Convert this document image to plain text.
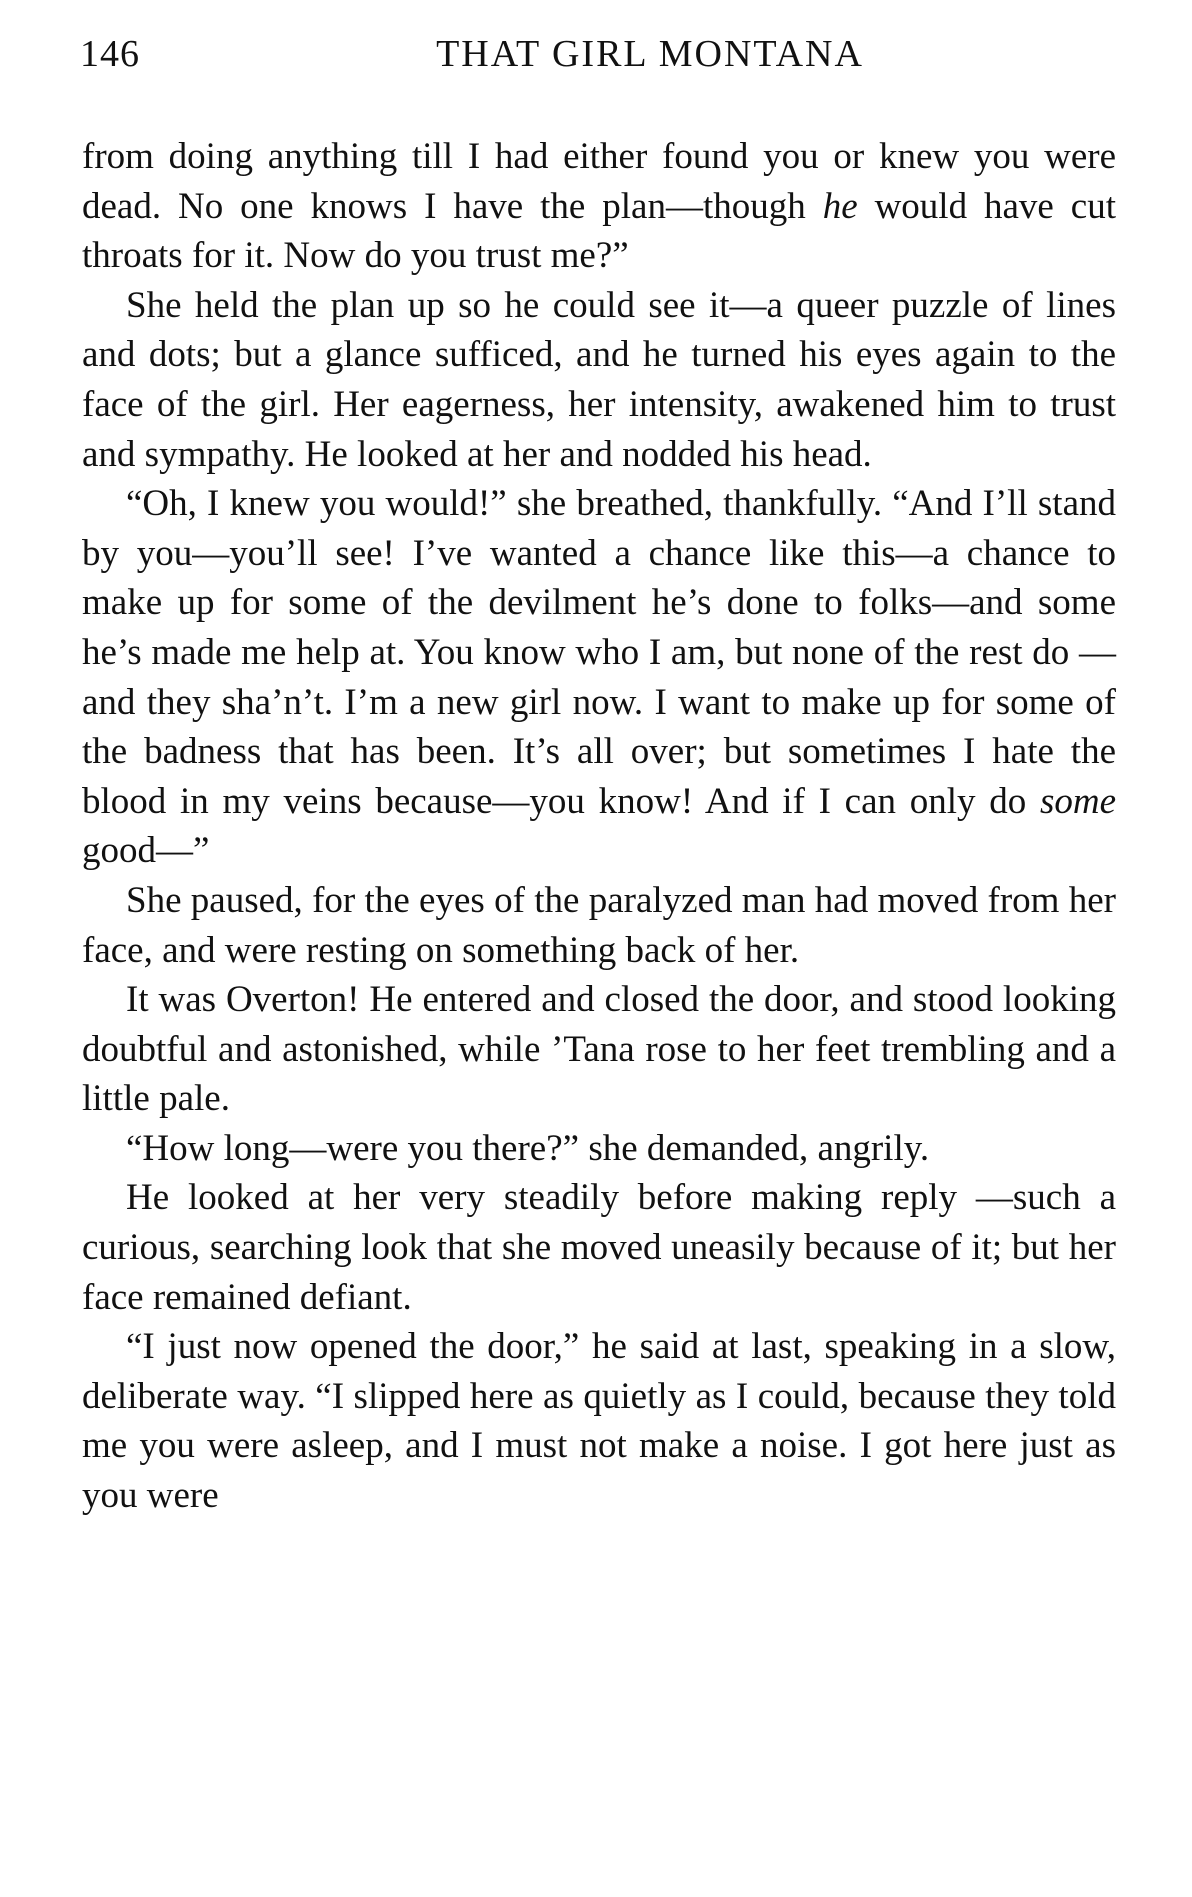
146	THAT GIRL MONTANA

from doing anything till I had either found you or knew you were dead. No one knows I have the plan—though he would have cut throats for it. Now do you trust me?”

She held the plan up so he could see it—a queer puzzle of lines and dots; but a glance sufficed, and he turned his eyes again to the face of the girl. Her eagerness, her intensity, awakened him to trust and sympathy. He looked at her and nodded his head.

“Oh, I knew you would!” she breathed, thankfully. “And I’ll stand by you—you’ll see! I’ve wanted a chance like this—a chance to make up for some of the devilment he’s done to folks—and some he’s made me help at. You know who I am, but none of the rest do —and they sha’n’t. I’m a new girl now. I want to make up for some of the badness that has been. It’s all over; but sometimes I hate the blood in my veins because—you know! And if I can only do some good—”

She paused, for the eyes of the paralyzed man had moved from her face, and were resting on something back of her.

It was Overton! He entered and closed the door, and stood looking doubtful and astonished, while ’Tana rose to her feet trembling and a little pale.

“How long—were you there?” she demanded, angrily.

He looked at her very steadily before making reply —such a curious, searching look that she moved uneasily because of it; but her face remained defiant.

“I just now opened the door,” he said at last, speaking in a slow, deliberate way. “I slipped here as quietly as I could, because they told me you were asleep, and I must not make a noise. I got here just as you were
